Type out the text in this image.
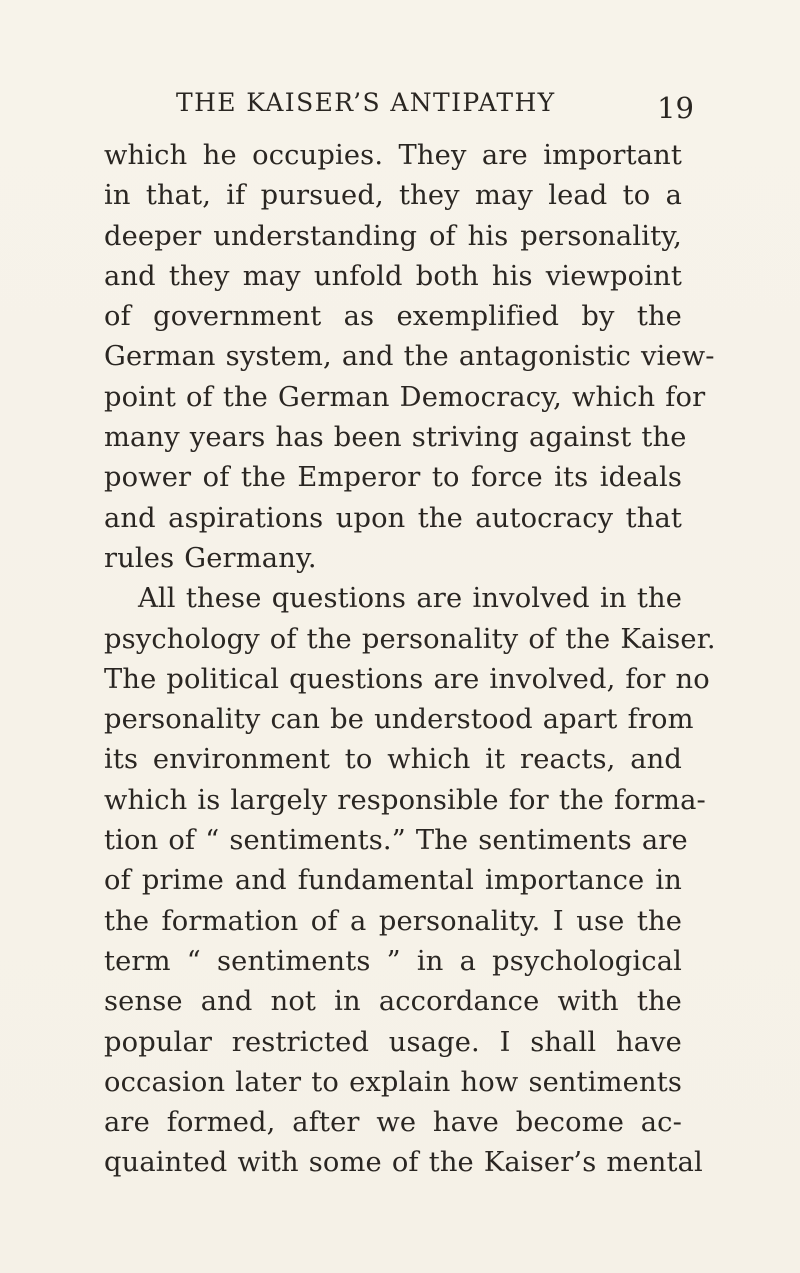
THE KAISER’S ANTIPATHY	19
which he occupies. They are important
in that, if pursued, they may lead to a
deeper understanding of his personality,
and they may unfold both his viewpoint
of government as exemplified by the
German system, and the antagonistic view-
point of the German Democracy, which for
many years has been striving against the
power of the Emperor to force its ideals
and aspirations upon the autocracy that
rules Germany.
All these questions are involved in the
psychology of the personality of the Kaiser.
The political questions are involved, for no
personality can be understood apart from
its environment to which it reacts, and
which is largely responsible for the forma-
tion of “ sentiments.” The sentiments are
of prime and fundamental importance in
the formation of a personality. I use the
term “ sentiments ” in a psychological
sense and not in accordance with the
popular restricted usage. I shall have
occasion later to explain how sentiments
are formed, after we have become ac-
quainted with some of the Kaiser’s mental
